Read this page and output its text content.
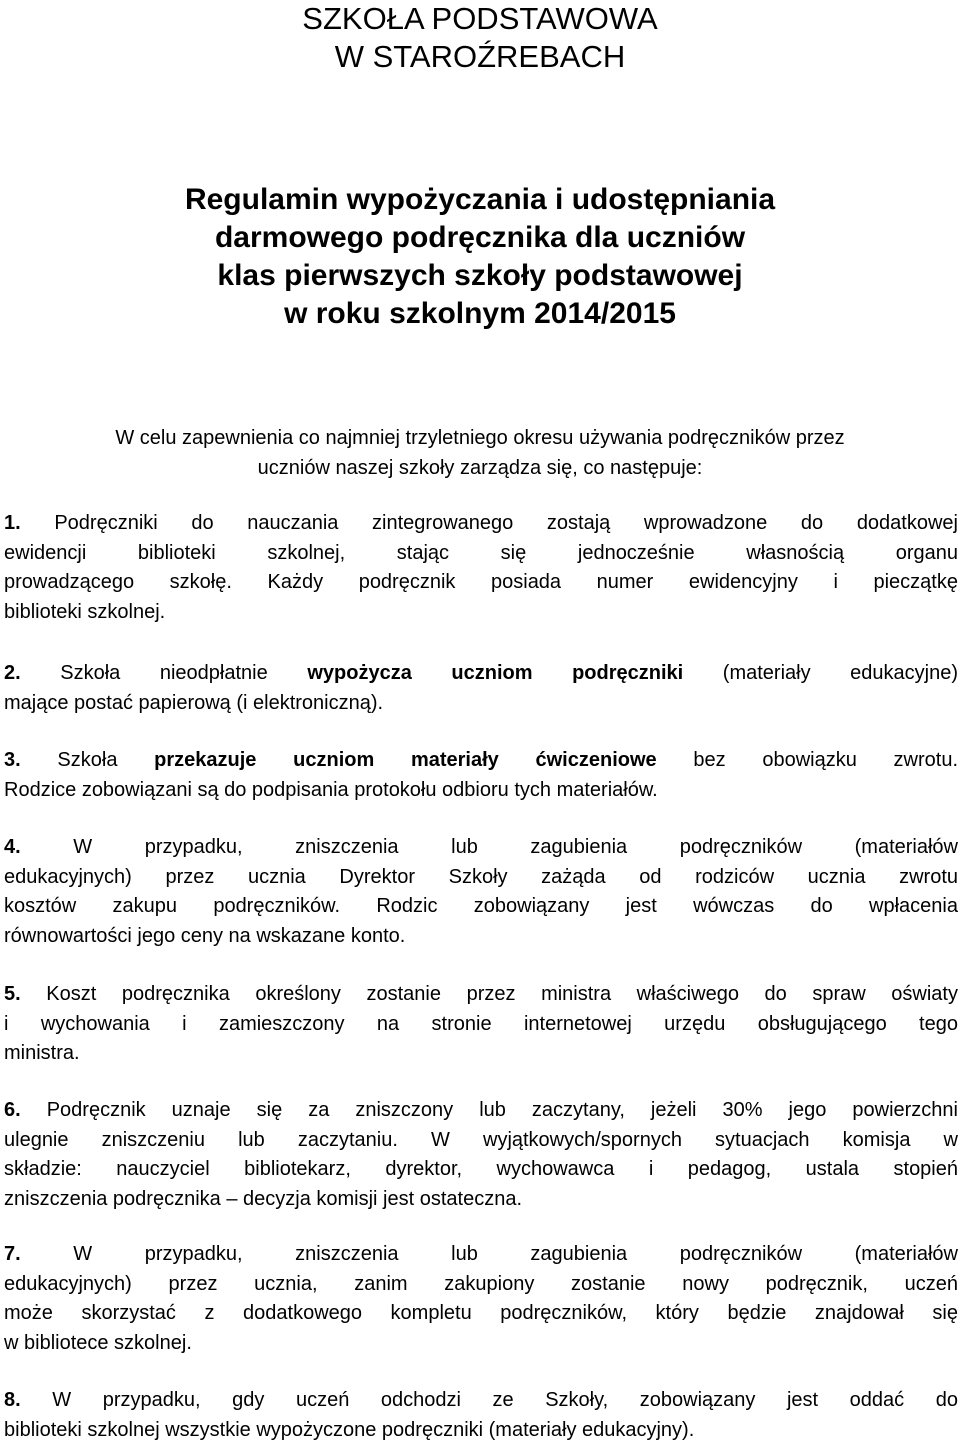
SZKOŁA PODSTAWOWA
W STAROŹREBACH
Regulamin wypożyczania i udostępniania
darmowego podręcznika dla uczniów
klas pierwszych szkoły podstawowej
w roku szkolnym 2014/2015
W celu zapewnienia co najmniej trzyletniego okresu używania podręczników przez
uczniów naszej szkoły zarządza się, co następuje:
1. Podręczniki do nauczania zintegrowanego zostają wprowadzone do dodatkowej
ewidencji biblioteki szkolnej, stając się jednocześnie własnością organu
prowadzącego szkołę. Każdy podręcznik posiada numer ewidencyjny i pieczątkę
biblioteki szkolnej.
2. Szkoła nieodpłatnie wypożycza uczniom podręczniki (materiały edukacyjne)
mające postać papierową (i elektroniczną).
3. Szkoła przekazuje uczniom materiały ćwiczeniowe bez obowiązku zwrotu.
Rodzice zobowiązani są do podpisania protokołu odbioru tych materiałów.
4.	W przypadku, zniszczenia lub zagubienia podręczników (materiałów
edukacyjnych) przez ucznia Dyrektor Szkoły zażąda od rodziców ucznia zwrotu
kosztów zakupu podręczników. Rodzic zobowiązany jest wówczas do wpłacenia
równowartości jego ceny na wskazane konto.
5. Koszt podręcznika określony zostanie przez ministra właściwego do spraw oświaty
i wychowania i zamieszczony na stronie internetowej urzędu obsługującego tego
ministra.
6. Podręcznik uznaje się za zniszczony lub zaczytany, jeżeli 30% jego powierzchni
ulegnie zniszczeniu lub zaczytaniu. W wyjątkowych/spornych sytuacjach komisja w
składzie: nauczyciel bibliotekarz, dyrektor, wychowawca i pedagog, ustala stopień
zniszczenia podręcznika – decyzja komisji jest ostateczna.
7.	W przypadku, zniszczenia lub zagubienia podręczników (materiałów
edukacyjnych) przez ucznia, zanim zakupiony zostanie nowy podręcznik, uczeń
może skorzystać z dodatkowego kompletu podręczników, który będzie znajdował się
w bibliotece szkolnej.
8. W przypadku, gdy uczeń odchodzi ze Szkoły, zobowiązany jest oddać do
biblioteki szkolnej wszystkie wypożyczone podręczniki (materiały edukacyjny).
